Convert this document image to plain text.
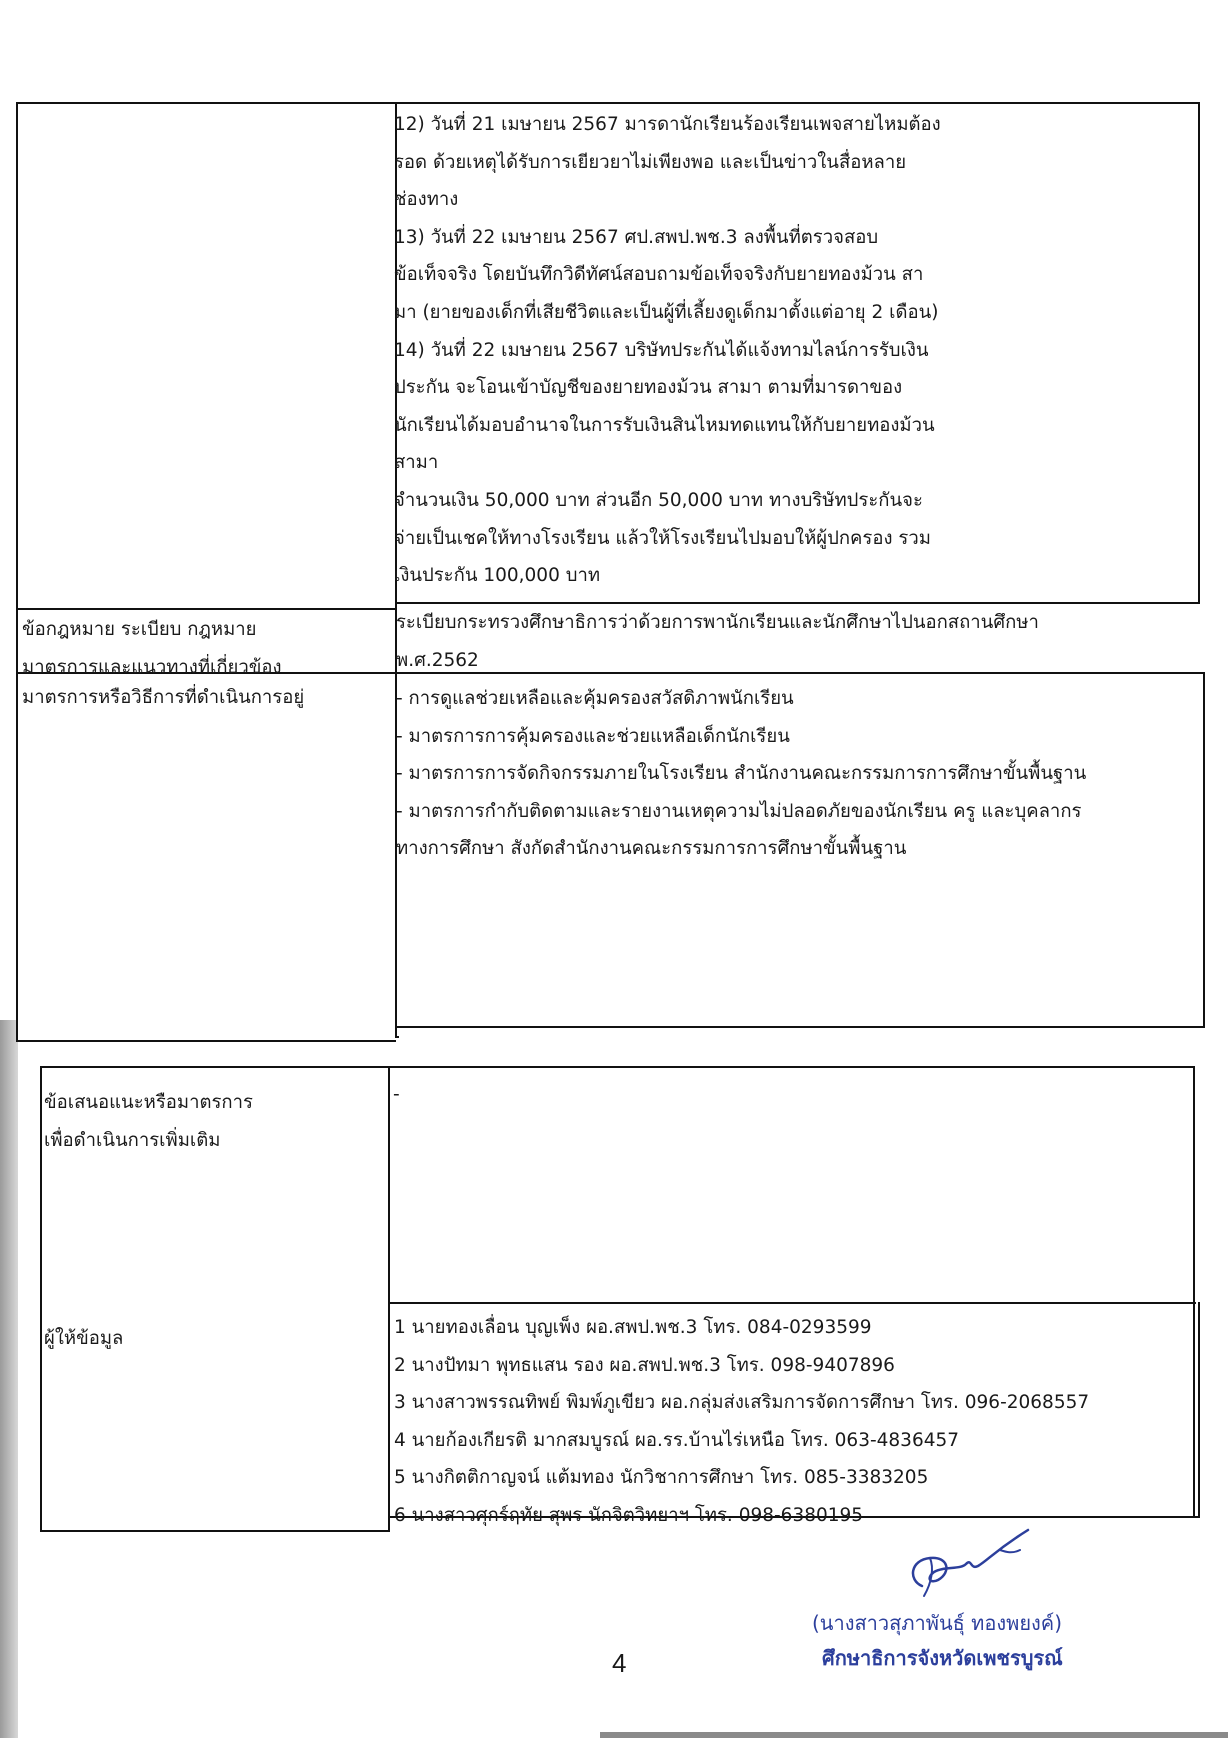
12) วันที่ 21 เมษายน 2567 มารดานักเรียนร้องเรียนเพจสายไหมต้อง
รอด ด้วยเหตุได้รับการเยียวยาไม่เพียงพอ และเป็นข่าวในสื่อหลาย
ช่องทาง
13) วันที่ 22 เมษายน 2567 ศป.สพป.พช.3 ลงพื้นที่ตรวจสอบ
ข้อเท็จจริง โดยบันทึกวิดีทัศน์สอบถามข้อเท็จจริงกับยายทองม้วน สา
มา (ยายของเด็กที่เสียชีวิตและเป็นผู้ที่เลี้ยงดูเด็กมาตั้งแต่อายุ 2 เดือน)
14) วันที่ 22 เมษายน 2567 บริษัทประกันได้แจ้งทามไลน์การรับเงิน
ประกัน จะโอนเข้าบัญชีของยายทองม้วน สามา ตามที่มารดาของ
นักเรียนได้มอบอำนาจในการรับเงินสินไหมทดแทนให้กับยายทองม้วน
สามา
จำนวนเงิน 50,000 บาท ส่วนอีก 50,000 บาท ทางบริษัทประกันจะ
จ่ายเป็นเชคให้ทางโรงเรียน แล้วให้โรงเรียนไปมอบให้ผู้ปกครอง รวม
เงินประกัน 100,000 บาท
ข้อกฎหมาย ระเบียบ กฎหมาย
มาตรการและแนวทางที่เกี่ยวข้อง
ระเบียบกระทรวงศึกษาธิการว่าด้วยการพานักเรียนและนักศึกษาไปนอกสถานศึกษา
พ.ศ.2562
มาตรการหรือวิธีการที่ดำเนินการอยู่	- การดูแลช่วยเหลือและคุ้มครองสวัสดิภาพนักเรียน
- มาตรการการคุ้มครองและช่วยแหลือเด็กนักเรียน
- มาตรการการจัดกิจกรรมภายในโรงเรียน สำนักงานคณะกรรมการการศึกษาขั้นพื้นฐาน
- มาตรการกำกับติดตามและรายงานเหตุความไม่ปลอดภัยของนักเรียน ครู และบุคลากร
ทางการศึกษา สังกัดสำนักงานคณะกรรมการการศึกษาขั้นพื้นฐาน
ข้อเสนอแนะหรือมาตรการ
เพื่อดำเนินการเพิ่มเติม
-
ผู้ให้ข้อมูล
1 นายทองเลื่อน บุญเพ็ง ผอ.สพป.พช.3 โทร. 084-0293599
2 นางปัทมา พุทธแสน รอง ผอ.สพป.พช.3 โทร. 098-9407896
3 นางสาวพรรณทิพย์ พิมพ์ภูเขียว ผอ.กลุ่มส่งเสริมการจัดการศึกษา โทร. 096-2068557
4 นายก้องเกียรติ มากสมบูรณ์ ผอ.รร.บ้านไร่เหนือ โทร. 063-4836457
5 นางกิตติกาญจน์ แต้มทอง นักวิชาการศึกษา โทร. 085-3383205
6 นางสาวศุกร์ฤทัย สุพร นักจิตวิทยาฯ โทร. 098-6380195
(นางสาวสุภาพันธุ์ ทองพยงค์)
ศึกษาธิการจังหวัดเพชรบูรณ์
4
